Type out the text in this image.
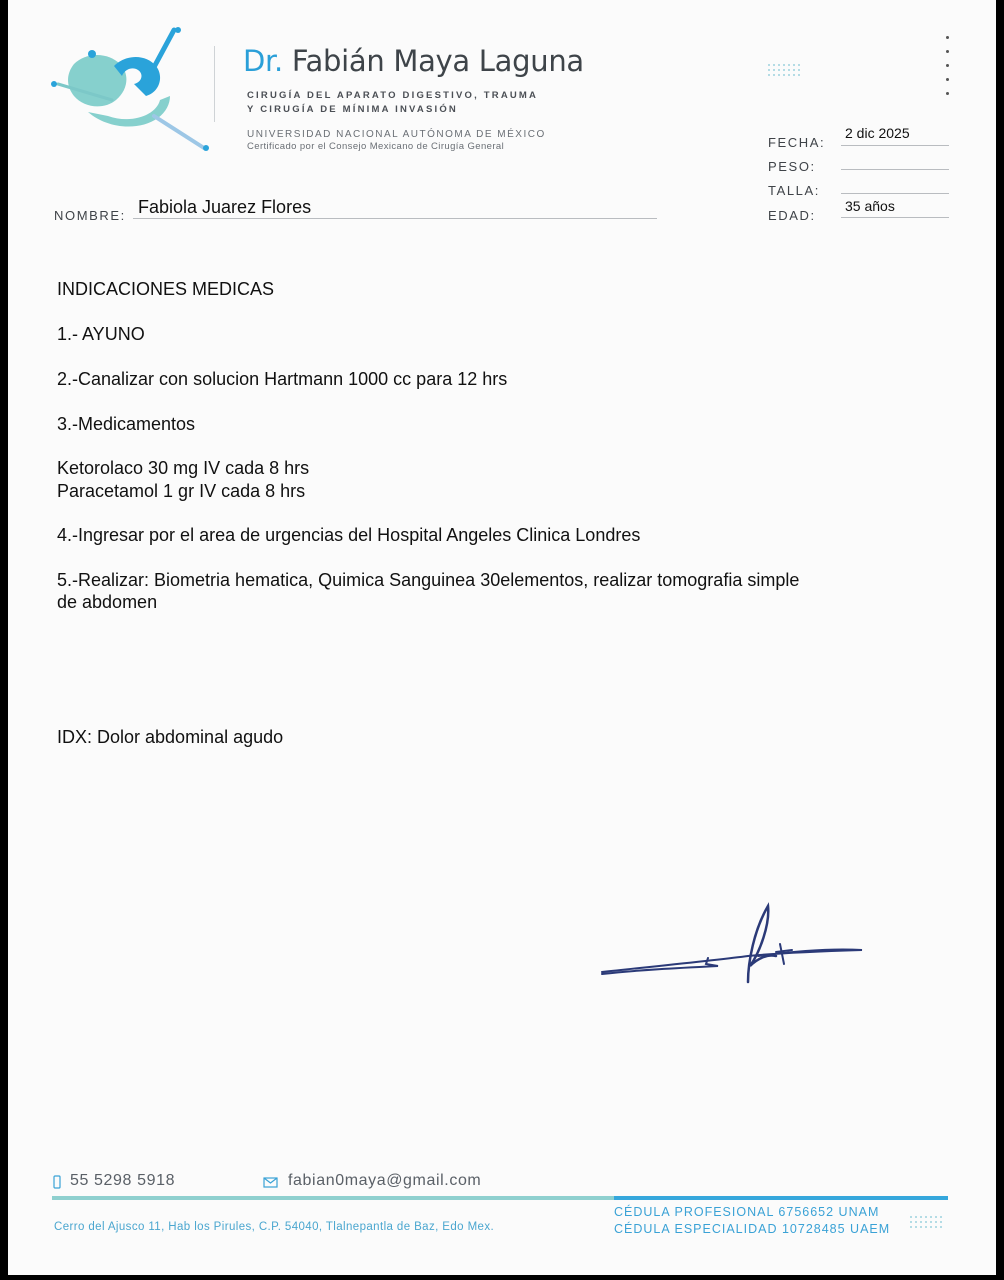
Dr. Fabián Maya Laguna
CIRUGÍA DEL APARATO DIGESTIVO, TRAUMA
Y CIRUGÍA DE MÍNIMA INVASIÓN
UNIVERSIDAD NACIONAL AUTÓNOMA DE MÉXICO
Certificado por el Consejo Mexicano de Cirugía General	FECHA:
2 dic 2025
PESO:
TALLA:
EDAD:
35 años
NOMBRE: Fabiola Juarez Flores
INDICACIONES MEDICAS
1.- AYUNO
2.-Canalizar con solucion Hartmann 1000 cc para 12 hrs
3.-Medicamentos
Ketorolaco 30 mg IV cada 8 hrs
Paracetamol 1 gr IV cada 8 hrs
4.-Ingresar por el area de urgencias del Hospital Angeles Clinica Londres
5.-Realizar: Biometria hematica, Quimica Sanguinea 30elementos, realizar tomografia simple
de abdomen
IDX: Dolor abdominal agudo
55 5298 5918	fabian0maya@gmail.com
Cerro del Ajusco 11, Hab los Pirules, C.P. 54040, Tlalnepantla de Baz, Edo Mex.
CÉDULA PROFESIONAL 6756652 UNAM
CÉDULA ESPECIALIDAD 10728485 UAEM
